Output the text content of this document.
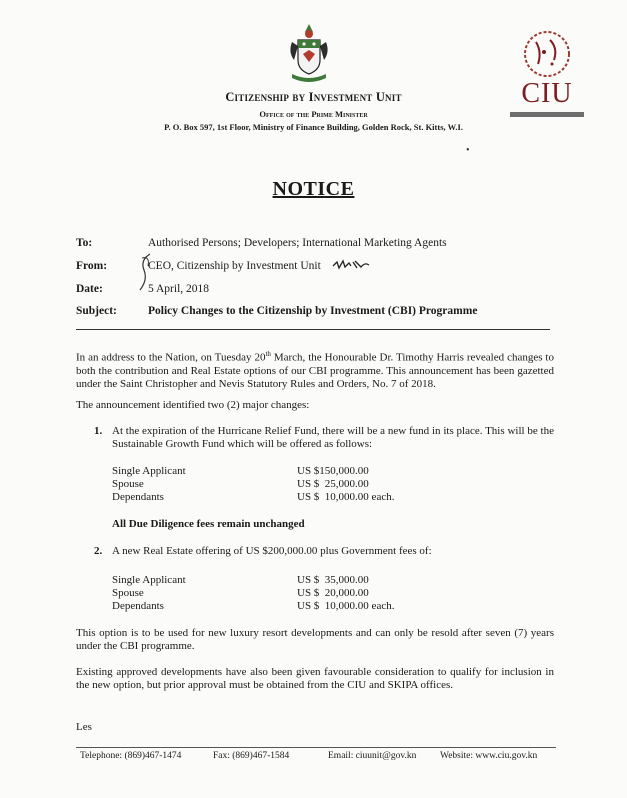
CIU
Citizenship by Investment Unit
Office of the Prime Minister
P. O. Box 597, 1st Floor, Ministry of Finance Building, Golden Rock, St. Kitts, W.I.
•
NOTICE
To:	Authorised Persons; Developers; International Marketing Agents
From:	CEO, Citizenship by Investment Unit
Date:	5 April, 2018
Subject:	Policy Changes to the Citizenship by Investment (CBI) Programme
In an address to the Nation, on Tuesday 20th March, the Honourable Dr. Timothy Harris revealed changes to both the contribution and Real Estate options of our CBI programme. This announcement has been gazetted under the Saint Christopher and Nevis Statutory Rules and Orders, No. 7 of 2018.
The announcement identified two (2) major changes:
1. At the expiration of the Hurricane Relief Fund, there will be a new fund in its place. This will be the Sustainable Growth Fund which will be offered as follows:
Single Applicant	US $150,000.00
Spouse	US $  25,000.00
Dependants	US $  10,000.00 each.
All Due Diligence fees remain unchanged
2. A new Real Estate offering of US $200,000.00 plus Government fees of:
Single Applicant	US $  35,000.00
Spouse	US $  20,000.00
Dependants	US $  10,000.00 each.
This option is to be used for new luxury resort developments and can only be resold after seven (7) years under the CBI programme.
Existing approved developments have also been given favourable consideration to qualify for inclusion in the new option, but prior approval must be obtained from the CIU and SKIPA offices.
Les
Telephone: (869)467-1474	Fax: (869)467-1584	Email: ciuunit@gov.kn Website: www.ciu.gov.kn
